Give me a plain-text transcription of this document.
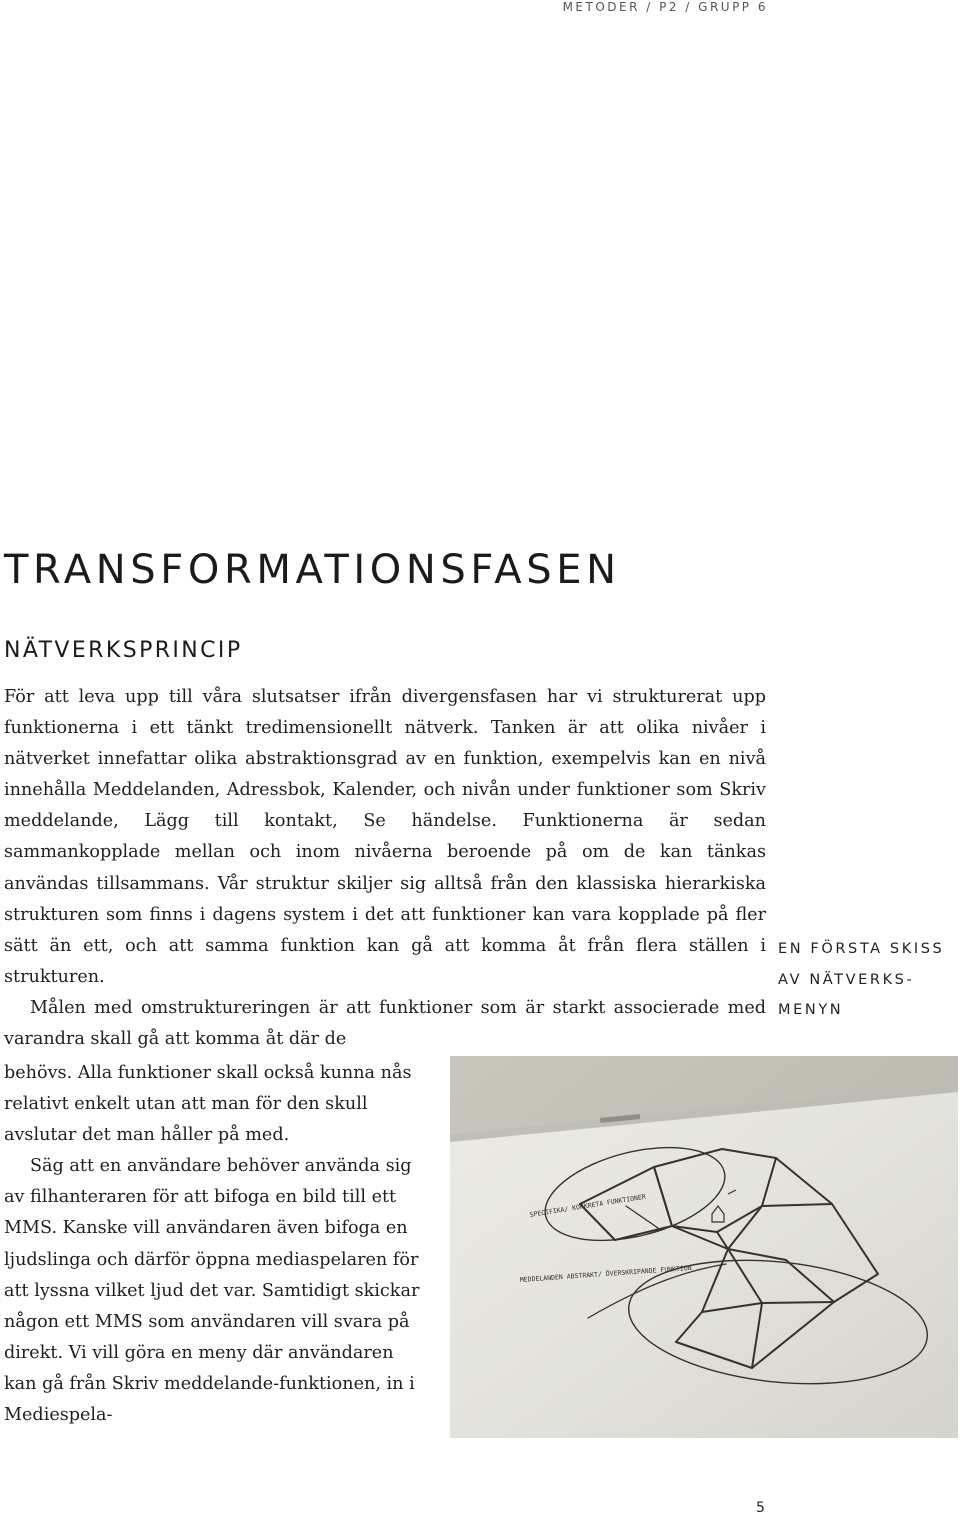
METODER / P2 / GRUPP 6
TRANSFORMATIONSFASEN
NÄTVERKSPRINCIP

För att leva upp till våra slutsatser ifrån divergensfasen har vi strukturerat upp funktionerna i ett tänkt tredimensionellt nätverk. Tanken är att olika nivåer i nätverket innefattar olika abstraktionsgrad av en funktion, exempelvis kan en nivå innehålla Meddelanden, Adressbok, Kalender, och nivån under funktioner som Skriv meddelande, Lägg till kontakt, Se händelse. Funktionerna är sedan sammankopplade mellan och inom nivåerna beroende på om de kan tänkas användas tillsammans. Vår struktur skiljer sig alltså från den klassiska hierarkiska strukturen som finns i dagens system i det att funktioner kan vara kopplade på fler sätt än ett, och att samma funktion kan gå att komma åt från flera ställen i strukturen.

Målen med omstruktureringen är att funktioner som är starkt associerade med varandra skall gå att komma åt där de

behövs. Alla funktioner skall också kunna nås relativt enkelt utan att man för den skull avslutar det man håller på med.

Säg att en användare behöver använda sig av filhanteraren för att bifoga en bild till ett MMS. Kanske vill användaren även bifoga en ljudslinga och därför öppna mediaspelaren för att lyssna vilket ljud det var. Samtidigt skickar någon ett MMS som användaren vill svara på direkt. Vi vill göra en meny där användaren kan gå från Skriv meddelande-funktionen, in i Mediespela-

EN FÖRSTA SKISS AV NÄTVERKS-MENYN
SPECIFIKA/ KONKRETA FUNKTIONER
MEDDELANDEN ABSTRAKT/ ÖVERSKRIPANDE FUNKTION
5
